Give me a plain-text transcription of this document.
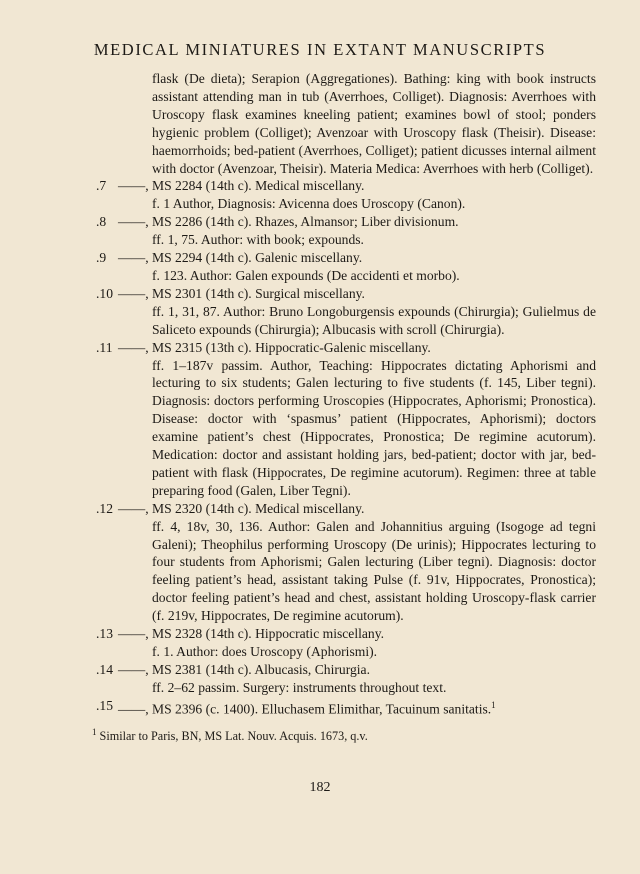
MEDICAL MINIATURES IN EXTANT MANUSCRIPTS

flask (De dieta); Serapion (Aggregationes). Bathing: king with book instructs assistant attending man in tub (Averrhoes, Colliget). Diagnosis: Averrhoes with Uroscopy flask examines kneeling patient; examines bowl of stool; ponders hygienic problem (Colliget); Avenzoar with Uroscopy flask (Theisir). Disease: haemorrhoids; bed-patient (Averrhoes, Colliget); patient dicusses internal ailment with doctor (Avenzoar, Theisir). Materia Medica: Averrhoes with herb (Colliget).

.7 ——, MS 2284 (14th c). Medical miscellany.

f. 1 Author, Diagnosis: Avicenna does Uroscopy (Canon).

.8 ——, MS 2286 (14th c). Rhazes, Almansor; Liber divisionum.

ff. 1, 75. Author: with book; expounds.

.9 ——, MS 2294 (14th c). Galenic miscellany.

f. 123. Author: Galen expounds (De accidenti et morbo).

.10 ——, MS 2301 (14th c). Surgical miscellany.

ff. 1, 31, 87. Author: Bruno Longoburgensis expounds (Chirurgia); Gulielmus de Saliceto expounds (Chirurgia); Albucasis with scroll (Chirurgia).

.11 ——, MS 2315 (13th c). Hippocratic-Galenic miscellany.

ff. 1–187v passim. Author, Teaching: Hippocrates dictating Aphorismi and lecturing to six students; Galen lecturing to five students (f. 145, Liber tegni). Diagnosis: doctors performing Uroscopies (Hippocrates, Aphorismi; Pronostica). Disease: doctor with ‘spasmus’ patient (Hippocrates, Aphorismi); doctors examine patient’s chest (Hippocrates, Pronostica; De regimine acutorum). Medication: doctor and assistant holding jars, bed-patient; doctor with jar, bed-patient with flask (Hippocrates, De regimine acutorum). Regimen: three at table preparing food (Galen, Liber Tegni).

.12 ——, MS 2320 (14th c). Medical miscellany.

ff. 4, 18v, 30, 136. Author: Galen and Johannitius arguing (Isogoge ad tegni Galeni); Theophilus performing Uroscopy (De urinis); Hippocrates lecturing to four students from Aphorismi; Galen lecturing (Liber tegni). Diagnosis: doctor feeling patient’s head, assistant taking Pulse (f. 91v, Hippocrates, Pronostica); doctor feeling patient’s head and chest, assistant holding Uroscopy-flask carrier (f. 219v, Hippocrates, De regimine acutorum).

.13 ——, MS 2328 (14th c). Hippocratic miscellany.

f. 1. Author: does Uroscopy (Aphorismi).

.14 ——, MS 2381 (14th c). Albucasis, Chirurgia.

ff. 2–62 passim. Surgery: instruments throughout text.

.15 ——, MS 2396 (c. 1400). Elluchasem Elimithar, Tacuinum sanitatis.$^1$

$^1$ Similar to Paris, BN, MS Lat. Nouv. Acquis. 1673, q.v.

182
